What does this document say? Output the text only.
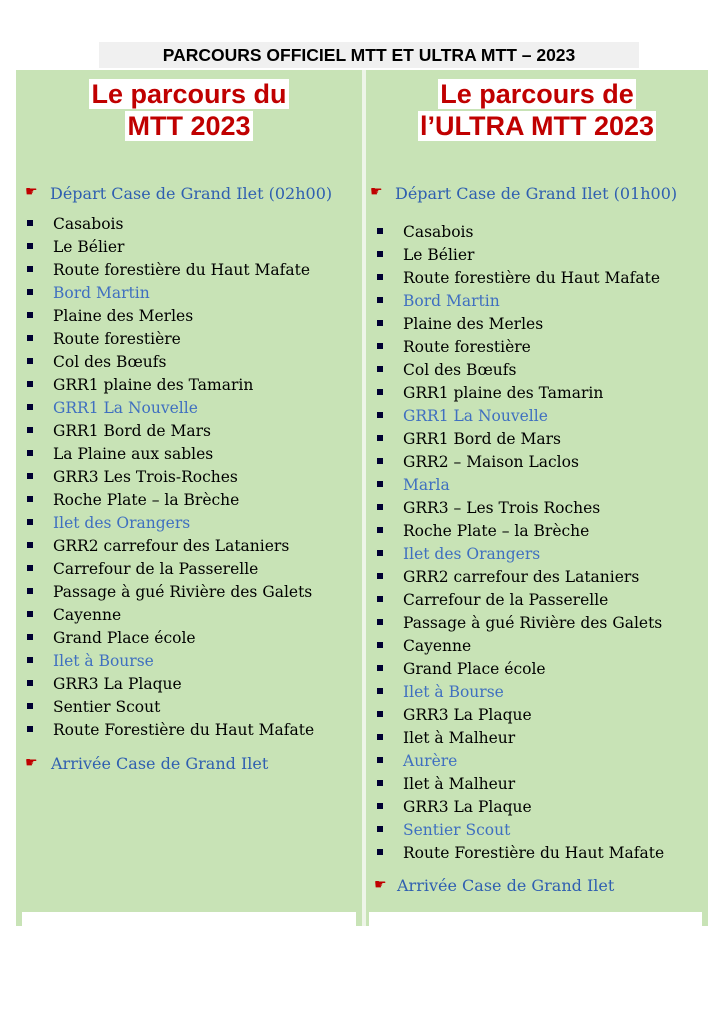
PARCOURS OFFICIEL MTT ET ULTRA MTT – 2023
Le parcours du
MTT 2023
☛ Départ Case de Grand Ilet (02h00)
Casabois
Le Bélier
Route forestière du Haut Mafate
Bord Martin
Plaine des Merles
Route forestière
Col des Bœufs
GRR1 plaine des Tamarin
GRR1 La Nouvelle
GRR1 Bord de Mars
La Plaine aux sables
GRR3 Les Trois-Roches
Roche Plate – la Brèche
Ilet des Orangers
GRR2 carrefour des Lataniers
Carrefour de la Passerelle
Passage à gué Rivière des Galets
Cayenne
Grand Place école
Ilet à Bourse
GRR3 La Plaque
Sentier Scout
Route Forestière du Haut Mafate
☛ Arrivée Case de Grand Ilet
Le parcours de
l’ULTRA MTT 2023
☛ Départ Case de Grand Ilet (01h00)
Casabois
Le Bélier
Route forestière du Haut Mafate
Bord Martin
Plaine des Merles
Route forestière
Col des Bœufs
GRR1 plaine des Tamarin
GRR1 La Nouvelle
GRR1 Bord de Mars
GRR2 – Maison Laclos
Marla
GRR3 – Les Trois Roches
Roche Plate – la Brèche
Ilet des Orangers
GRR2 carrefour des Lataniers
Carrefour de la Passerelle
Passage à gué Rivière des Galets
Cayenne
Grand Place école
Ilet à Bourse
GRR3 La Plaque
Ilet à Malheur
Aurère
Ilet à Malheur
GRR3 La Plaque
Sentier Scout
Route Forestière du Haut Mafate
☛ Arrivée Case de Grand Ilet
